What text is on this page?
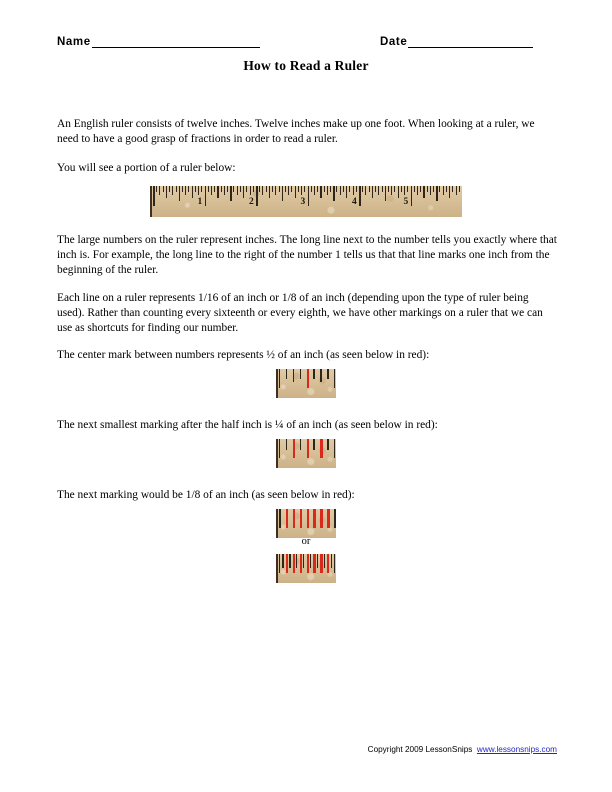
Name	Date
How to Read a Ruler
An English ruler consists of twelve inches. Twelve inches make up one foot. When looking at a ruler, we need to have a good grasp of fractions in order to read a ruler.
You will see a portion of a ruler below:
1	2	3	4	5
The large numbers on the ruler represent inches. The long line next to the number tells you exactly where that inch is. For example, the long line to the right of the number 1 tells us that that line marks one inch from the beginning of the ruler.
Each line on a ruler represents 1/16 of an inch or 1/8 of an inch (depending upon the type of ruler being used). Rather than counting every sixteenth or every eighth, we have other markings on a ruler that we can use as shortcuts for finding our number.
The center mark between numbers represents ½ of an inch (as seen below in red):
The next smallest marking after the half inch is ¼ of an inch (as seen below in red):
The next marking would be 1/8 of an inch (as seen below in red):
or
Copyright 2009 LessonSnips www.lessonsnips.com
